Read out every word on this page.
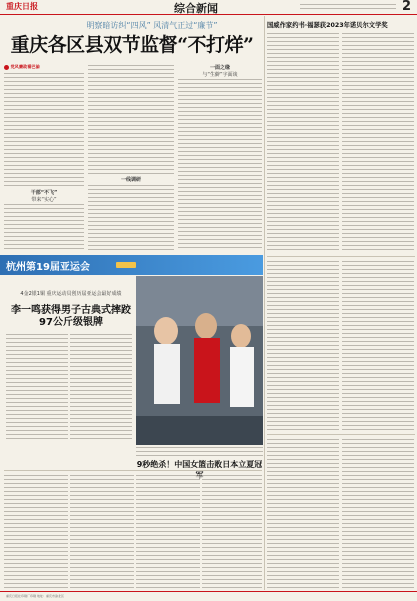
重庆日报	综合新闻	2
明察暗访纠“四风” 风清气正过“廉节”
重庆各区县双节监督“不打烊”
党风廉政看巴渝
干部“不飞”
带来“实心”
一线调研
一面之缘
与“生僻”字面谈
杭州第19届亚运会
4金2银1铜 重庆运动员创历届亚运会最好成绩
李一鸣获得男子古典式摔跤97公斤级银牌
9秒绝杀！中国女篮击败日本立夏冠
国威作家约书·福瑟获2023年诺贝尔文学奖
重庆日报社印刷厂印刷 地址：重庆市渝北区
